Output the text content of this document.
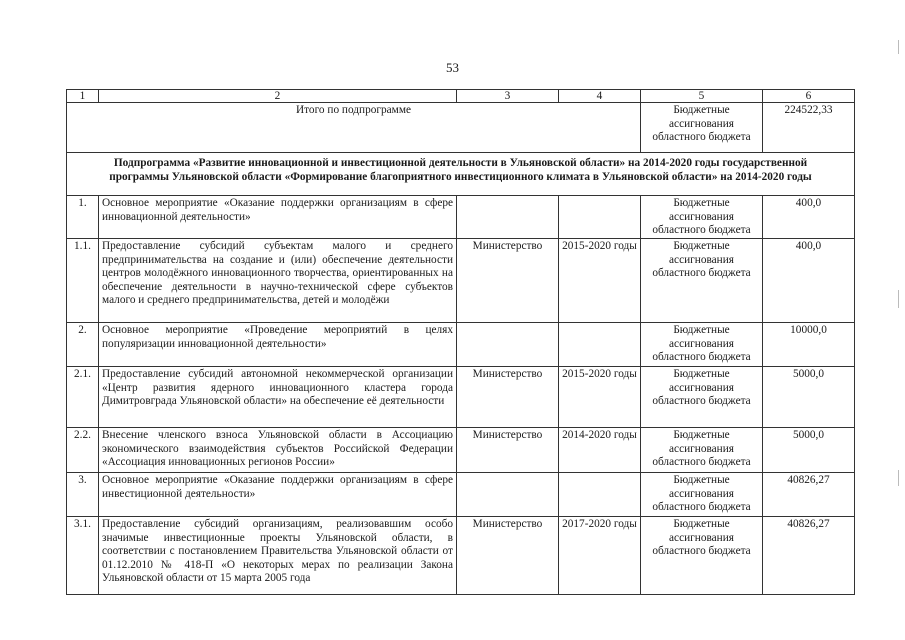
53
1	2	3	4	5	6
Итого по подпрограмме				Бюджетные ассигнования областного бюджета	224522,33
Подпрограмма «Развитие инновационной и инвестиционной деятельности в Ульяновской области» на 2014-2020 годы государственной программы Ульяновской области «Формирование благоприятного инвестиционного климата в Ульяновской области» на 2014-2020 годы					
1.	Основное мероприятие «Оказание поддержки организациям в сфере инновационной деятельности»			Бюджетные ассигнования областного бюджета	400,0
1.1.	Предоставление субсидий субъектам малого и среднего предпринимательства на создание и (или) обеспечение деятельности центров молодёжного инновационного творчества, ориентированных на обеспечение деятельности в научно-технической сфере субъектов малого и среднего предпринимательства, детей и молодёжи	Министерство	2015-2020 годы	Бюджетные ассигнования областного бюджета	400,0
2.	Основное мероприятие «Проведение мероприятий в целях популяризации инновационной деятельности»			Бюджетные ассигнования областного бюджета	10000,0
2.1.	Предоставление субсидий автономной некоммерческой организации «Центр развития ядерного инновационного кластера города Димитровграда Ульяновской области» на обеспечение её деятельности	Министерство	2015-2020 годы	Бюджетные ассигнования областного бюджета	5000,0
2.2.	Внесение членского взноса Ульяновской области в Ассоциацию экономического взаимодействия субъектов Российской Федерации «Ассоциация инновационных регионов России»	Министерство	2014-2020 годы	Бюджетные ассигнования областного бюджета	5000,0
3.	Основное мероприятие «Оказание поддержки организациям в сфере инвестиционной деятельности»			Бюджетные ассигнования областного бюджета	40826,27
3.1.	Предоставление субсидий организациям, реализовавшим особо значимые инвестиционные проекты Ульяновской области, в соответствии с постановлением Правительства Ульяновской области от 01.12.2010 № 418-П «О некоторых мерах по реализации Закона Ульяновской области от 15 марта 2005 года	Министерство	2017-2020 годы	Бюджетные ассигнования областного бюджета	40826,27
